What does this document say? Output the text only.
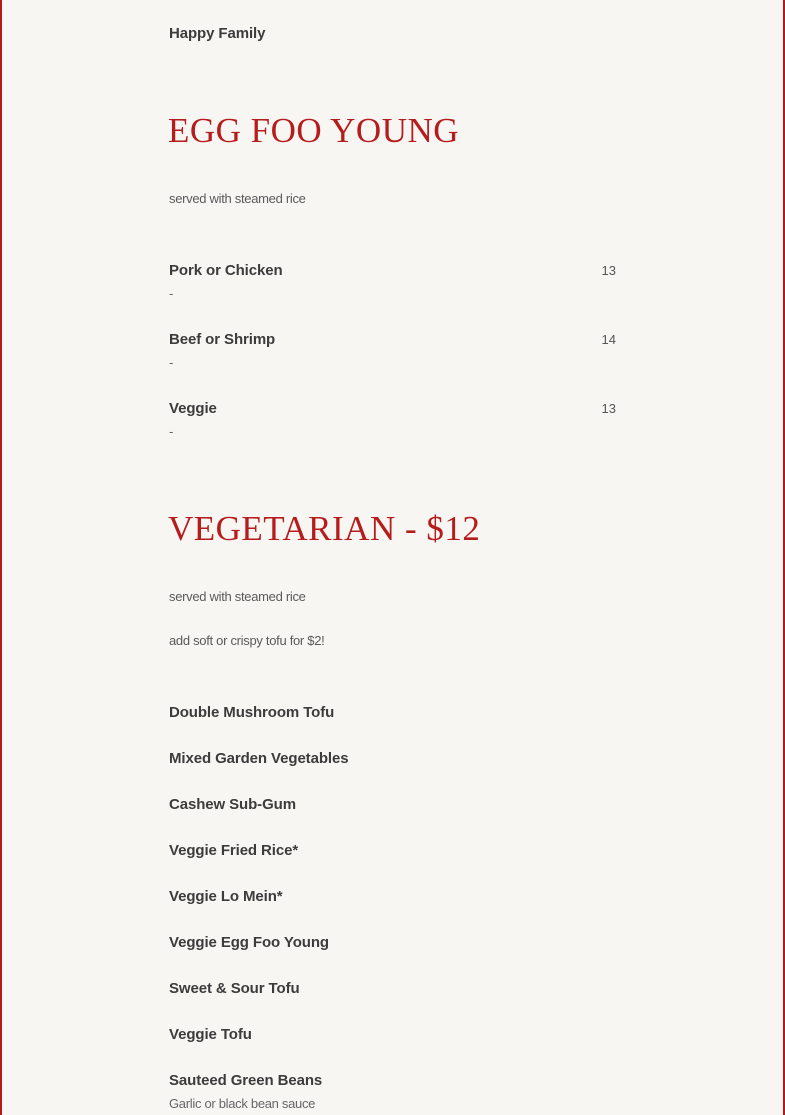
Happy Family
EGG FOO YOUNG
served with steamed rice
Pork or Chicken	13
-
Beef or Shrimp	14
-
Veggie	13
-
VEGETARIAN - $12
served with steamed rice
add soft or crispy tofu for $2!
Double Mushroom Tofu
Mixed Garden Vegetables
Cashew Sub-Gum
Veggie Fried Rice*
Veggie Lo Mein*
Veggie Egg Foo Young
Sweet & Sour Tofu
Veggie Tofu
Sauteed Green Beans
Garlic or black bean sauce
